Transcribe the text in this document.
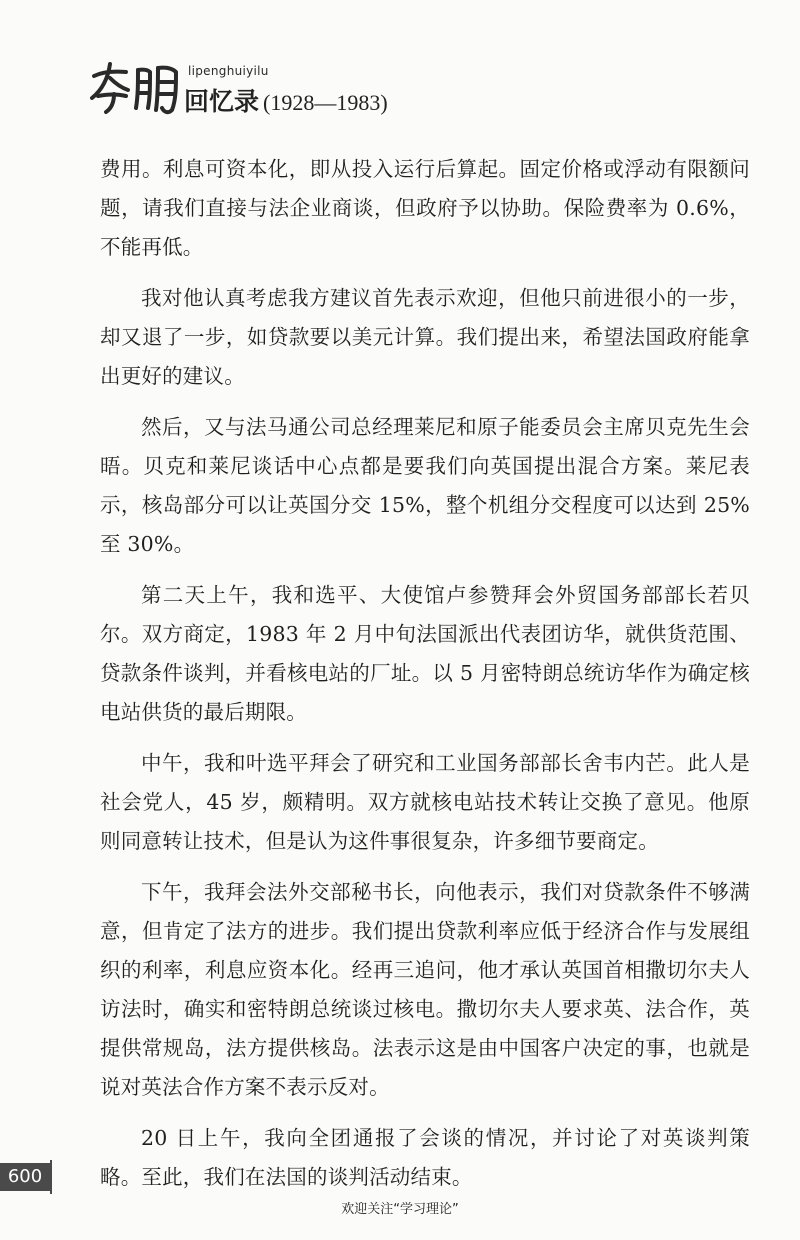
lipenghuiyilu
回忆录 (1928—1983)

费用。利息可资本化，即从投入运行后算起。固定价格或浮动有限额问题，请我们直接与法企业商谈，但政府予以协助。保险费率为 0.6%，不能再低。

我对他认真考虑我方建议首先表示欢迎，但他只前进很小的一步，却又退了一步，如贷款要以美元计算。我们提出来，希望法国政府能拿出更好的建议。

然后，又与法马通公司总经理莱尼和原子能委员会主席贝克先生会晤。贝克和莱尼谈话中心点都是要我们向英国提出混合方案。莱尼表示，核岛部分可以让英国分交 15%，整个机组分交程度可以达到 25% 至 30%。

第二天上午，我和选平、大使馆卢参赞拜会外贸国务部部长若贝尔。双方商定，1983 年 2 月中旬法国派出代表团访华，就供货范围、贷款条件谈判，并看核电站的厂址。以 5 月密特朗总统访华作为确定核电站供货的最后期限。

中午，我和叶选平拜会了研究和工业国务部部长舍韦内芒。此人是社会党人，45 岁，颇精明。双方就核电站技术转让交换了意见。他原则同意转让技术，但是认为这件事很复杂，许多细节要商定。

下午，我拜会法外交部秘书长，向他表示，我们对贷款条件不够满意，但肯定了法方的进步。我们提出贷款利率应低于经济合作与发展组织的利率，利息应资本化。经再三追问，他才承认英国首相撒切尔夫人访法时，确实和密特朗总统谈过核电。撒切尔夫人要求英、法合作，英提供常规岛，法方提供核岛。法表示这是由中国客户决定的事，也就是说对英法合作方案不表示反对。

20 日上午，我向全团通报了会谈的情况，并讨论了对英谈判策略。至此，我们在法国的谈判活动结束。

600
欢迎关注“学习理论”
